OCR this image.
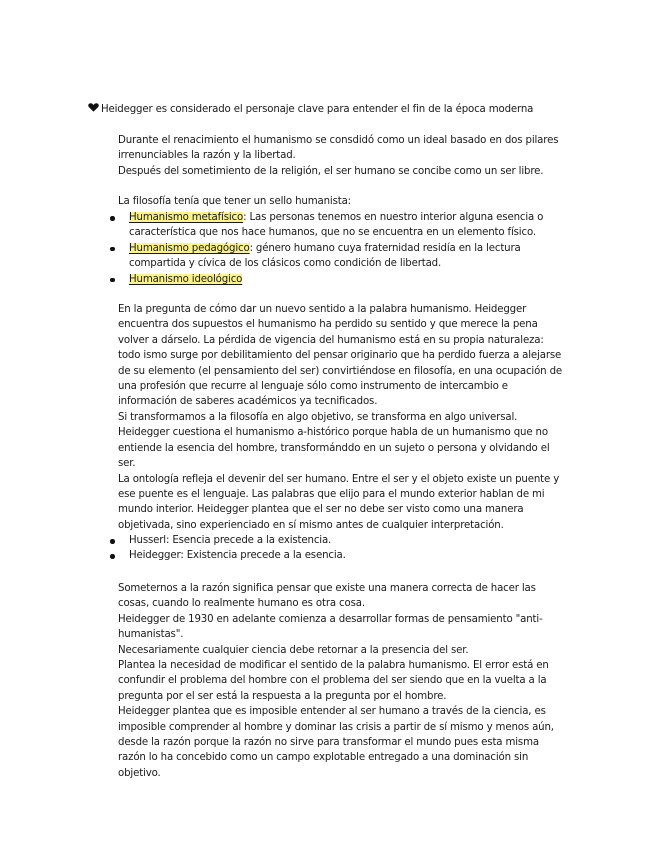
Heidegger es considerado el personaje clave para entender el fin de la época moderna

Durante el renacimiento el humanismo se consdidó como un ideal basado en dos pilares irrenunciables la razón y la libertad.

Después del sometimiento de la religión, el ser humano se concibe como un ser libre.

La filosofía tenía que tener un sello humanista:
Humanismo metafísico: Las personas tenemos en nuestro interior alguna esencia o característica que nos hace humanos, que no se encuentra en un elemento físico.
Humanismo pedagógico: género humano cuya fraternidad residía en la lectura compartida y cívica de los clásicos como condición de libertad.
Humanismo ideológico

En la pregunta de cómo dar un nuevo sentido a la palabra humanismo. Heidegger encuentra dos supuestos el humanismo ha perdido su sentido y que merece la pena volver a dárselo. La pérdida de vigencia del humanismo está en su propia naturaleza: todo ismo surge por debilitamiento del pensar originario que ha perdido fuerza a alejarse de su elemento (el pensamiento del ser) convirtiéndose en filosofía, en una ocupación de una profesión que recurre al lenguaje sólo como instrumento de intercambio e información de saberes académicos ya tecnificados.

Si transformamos a la filosofía en algo objetivo, se transforma en algo universal. Heidegger cuestiona el humanismo a-histórico porque habla de un humanismo que no entiende la esencia del hombre, transformánddo en un sujeto o persona y olvidando el ser.

La ontología refleja el devenir del ser humano. Entre el ser y el objeto existe un puente y ese puente es el lenguaje. Las palabras que elijo para el mundo exterior hablan de mi mundo interior. Heidegger plantea que el ser no debe ser visto como una manera objetivada, sino experienciado en sí mismo antes de cualquier interpretación.

Husserl: Esencia precede a la existencia.
Heidegger: Existencia precede a la esencia.

Someternos a la razón significa pensar que existe una manera correcta de hacer las cosas, cuando lo realmente humano es otra cosa.

Heidegger de 1930 en adelante comienza a desarrollar formas de pensamiento "anti-humanistas".

Necesariamente cualquier ciencia debe retornar a la presencia del ser.

Plantea la necesidad de modificar el sentido de la palabra humanismo. El error está en confundir el problema del hombre con el problema del ser siendo que en la vuelta a la pregunta por el ser está la respuesta a la pregunta por el hombre.

Heidegger plantea que es imposible entender al ser humano a través de la ciencia, es imposible comprender al hombre y dominar las crisis a partir de sí mismo y menos aún, desde la razón porque la razón no sirve para transformar el mundo pues esta misma razón lo ha concebido como un campo explotable entregado a una dominación sin objetivo.
